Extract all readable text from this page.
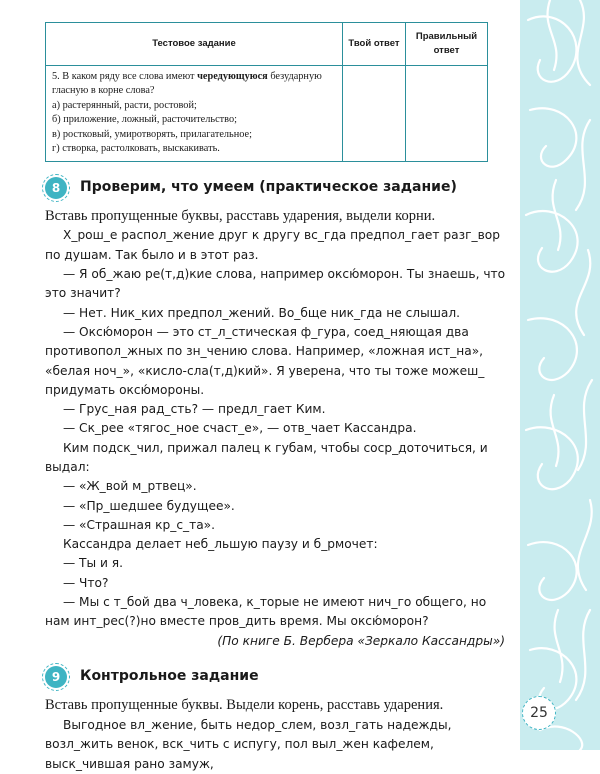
Тестовое задание	Твой ответ	Правильный ответ
5. В каком ряду все слова имеют чередующуюся безударную гласную в корне слова?
а) растерянный, расти, ростовой;
б) приложение, ложный, расточительство;
в) ростковый, умиротворять, прилагательное;
г) створка, растолковать, выскакивать.		
8	Проверим, что умеем (практическое задание)
Вставь пропущенные буквы, расставь ударения, выдели корни.

Х_рош_е распол_жение друг к другу вс_гда предпол_гает разг_вор по душам. Так было и в этот раз.

— Я об_жаю ре(т,д)кие слова, например оксю́морон. Ты знаешь, что это значит?

— Нет. Ник_ких предпол_жений. Во_бще ник_гда не слышал.

— Оксю́морон — это ст_л_стическая ф_гура, соед_няющая два противопол_жных по зн_чению слова. Например, «ложная ист_на», «белая ноч_», «кисло-сла(т,д)кий». Я уверена, что ты тоже можеш_ придумать оксю́мороны.

— Грус_ная рад_сть? — предл_гает Ким.

— Ск_рее «тягос_ное счаст_е», — отв_чает Кассандра.

Ким подск_чил, прижал палец к губам, чтобы соср_доточиться, и выдал:

— «Ж_вой м_ртвец».

— «Пр_шедшее будущее».

— «Страшная кр_с_та».

Кассандра делает неб_льшую паузу и б_рмочет:

— Ты и я.

— Что?

— Мы с т_бой два ч_ловека, к_торые не имеют нич_го общего, но нам инт_рес(?)но вместе пров_дить время. Мы оксю́морон?

(По книге Б. Вербера «Зеркало Кассандры»)

9	Контрольное задание
Вставь пропущенные буквы. Выдели корень, расставь ударения.
Выгодное вл_жение, быть недор_слем, возл_гать надежды, возл_жить венок, вск_чить с испугу, пол выл_жен кафелем, выск_чившая рано замуж,
25
